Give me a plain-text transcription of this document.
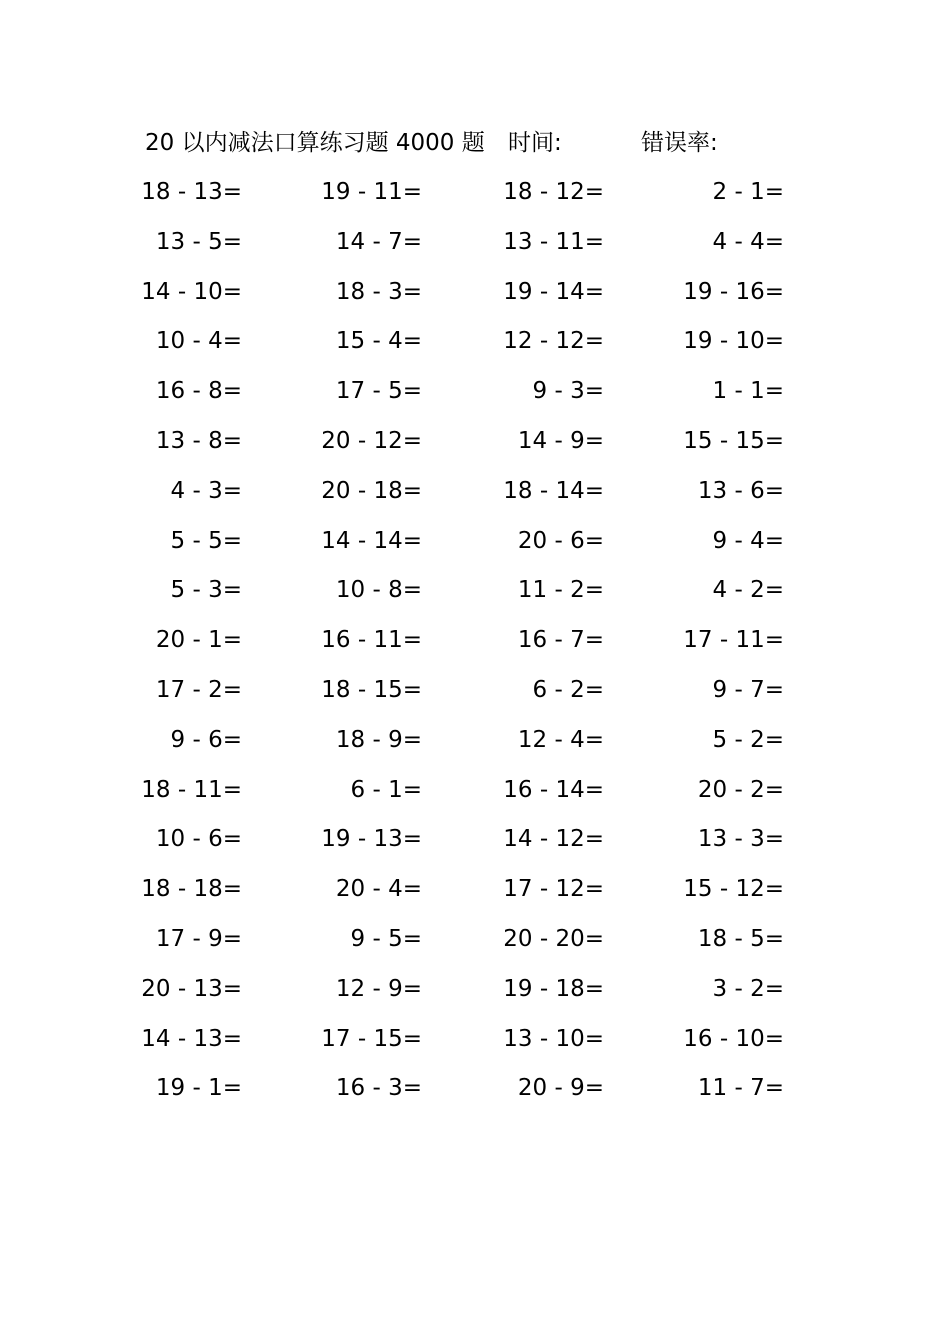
20 以内减法口算练习题 4000 题 时间:	错误率:
18 - 13=	19 - 11=	18 - 12=	2 - 1=
13 - 5=	14 - 7=	13 - 11=	4 - 4=
14 - 10=	18 - 3=	19 - 14=	19 - 16=
10 - 4=	15 - 4=	12 - 12=	19 - 10=
16 - 8=	17 - 5=	9 - 3=	1 - 1=
13 - 8=	20 - 12=	14 - 9=	15 - 15=
4 - 3=	20 - 18=	18 - 14=	13 - 6=
5 - 5=	14 - 14=	20 - 6=	9 - 4=
5 - 3=	10 - 8=	11 - 2=	4 - 2=
20 - 1=	16 - 11=	16 - 7=	17 - 11=
17 - 2=	18 - 15=	6 - 2=	9 - 7=
9 - 6=	18 - 9=	12 - 4=	5 - 2=
18 - 11=	6 - 1=	16 - 14=	20 - 2=
10 - 6=	19 - 13=	14 - 12=	13 - 3=
18 - 18=	20 - 4=	17 - 12=	15 - 12=
17 - 9=	9 - 5=	20 - 20=	18 - 5=
20 - 13=	12 - 9=	19 - 18=	3 - 2=
14 - 13=	17 - 15=	13 - 10=	16 - 10=
19 - 1=	16 - 3=	20 - 9=	11 - 7=
